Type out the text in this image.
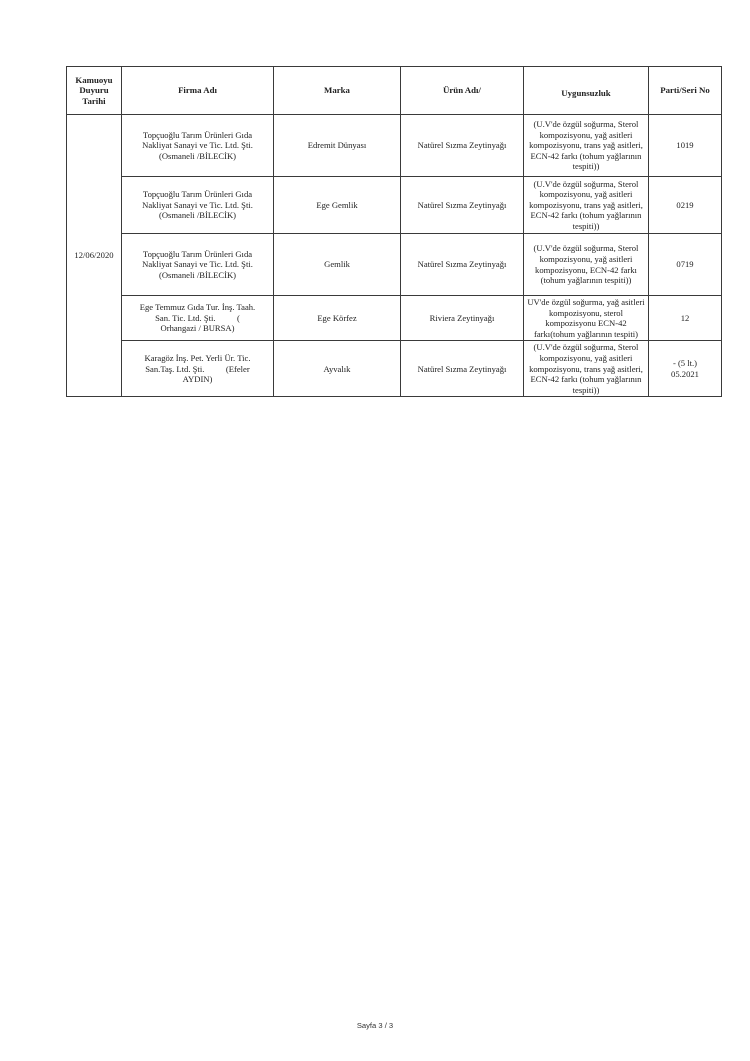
Kamuoyu Duyuru Tarihi	Firma Adı	Marka	Ürün Adı/	Uygunsuzluk	Parti/Seri No
12/06/2020	Topçuoğlu Tarım Ürünleri Gıda
Nakliyat Sanayi ve Tic. Ltd. Şti.
(Osmaneli /BİLECİK)	Edremit Dünyası	Natürel Sızma Zeytinyağı	(U.V'de özgül soğurma, Sterol
kompozisyonu, yağ asitleri
kompozisyonu, trans yağ asitleri,
ECN-42 farkı (tohum yağlarının
tespiti))	1019

	Topçuoğlu Tarım Ürünleri Gıda
Nakliyat Sanayi ve Tic. Ltd. Şti.
(Osmaneli /BİLECİK)	Ege Gemlik	Natürel Sızma Zeytinyağı	(U.V'de özgül soğurma, Sterol
kompozisyonu, yağ asitleri
kompozisyonu, trans yağ asitleri,
ECN-42 farkı (tohum yağlarının
tespiti))	0219

	Topçuoğlu Tarım Ürünleri Gıda
Nakliyat Sanayi ve Tic. Ltd. Şti.
(Osmaneli /BİLECİK)	Gemlik	Natürel Sızma Zeytinyağı	(U.V'de özgül soğurma, Sterol
kompozisyonu, yağ asitleri
kompozisyonu, ECN-42 farkı
(tohum yağlarının tespiti))	0719

	Ege Temmuz Gıda Tur. İnş. Taah.
San. Tic. Ltd. Şti.          (
Orhangazi / BURSA)	Ege Körfez	Riviera Zeytinyağı	UV'de özgül soğurma, yağ asitleri
kompozisyonu, sterol
kompozisyonu ECN-42
farkı(tohum yağlarının tespiti)	12

	Karagöz İnş. Pet. Yerli Ür. Tic.
San.Taş. Ltd. Şti.          (Efeler
AYDIN)	Ayvalık	Natürel Sızma Zeytinyağı	(U.V'de özgül soğurma, Sterol
kompozisyonu, yağ asitleri
kompozisyonu, trans yağ asitleri,
ECN-42 farkı (tohum yağlarının
tespiti))	- (5 lt.)
05.2021
Sayfa 3 / 3
